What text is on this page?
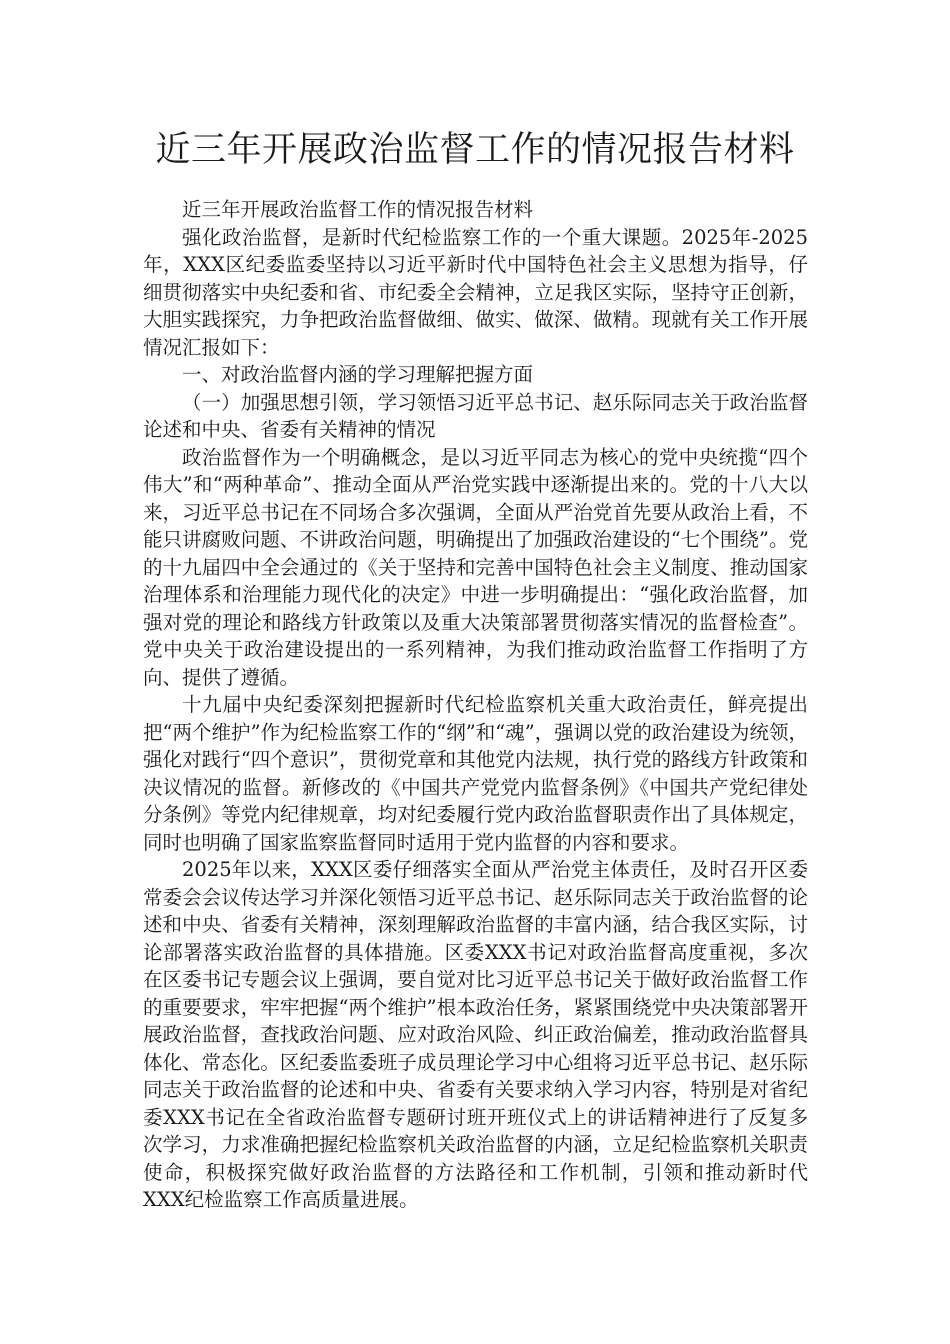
近三年开展政治监督工作的情况报告材料

近三年开展政治监督工作的情况报告材料

强化政治监督，是新时代纪检监察工作的一个重大课题。2025年-2025年，XXX区纪委监委坚持以习近平新时代中国特色社会主义思想为指导，仔细贯彻落实中央纪委和省、市纪委全会精神，立足我区实际，坚持守正创新，大胆实践探究，力争把政治监督做细、做实、做深、做精。现就有关工作开展情况汇报如下：

一、对政治监督内涵的学习理解把握方面

（一）加强思想引领，学习领悟习近平总书记、赵乐际同志关于政治监督论述和中央、省委有关精神的情况

政治监督作为一个明确概念，是以习近平同志为核心的党中央统揽“四个伟大”和“两种革命”、推动全面从严治党实践中逐渐提出来的。党的十八大以来，习近平总书记在不同场合多次强调，全面从严治党首先要从政治上看，不能只讲腐败问题、不讲政治问题，明确提出了加强政治建设的“七个围绕”。党的十九届四中全会通过的《关于坚持和完善中国特色社会主义制度、推动国家治理体系和治理能力现代化的决定》中进一步明确提出：“强化政治监督，加强对党的理论和路线方针政策以及重大决策部署贯彻落实情况的监督检查”。党中央关于政治建设提出的一系列精神，为我们推动政治监督工作指明了方向、提供了遵循。

十九届中央纪委深刻把握新时代纪检监察机关重大政治责任，鲜亮提出把“两个维护”作为纪检监察工作的“纲”和“魂”，强调以党的政治建设为统领，强化对践行“四个意识”，贯彻党章和其他党内法规，执行党的路线方针政策和决议情况的监督。新修改的《中国共产党党内监督条例》《中国共产党纪律处分条例》等党内纪律规章，均对纪委履行党内政治监督职责作出了具体规定，同时也明确了国家监察监督同时适用于党内监督的内容和要求。

2025年以来，XXX区委仔细落实全面从严治党主体责任，及时召开区委常委会会议传达学习并深化领悟习近平总书记、赵乐际同志关于政治监督的论述和中央、省委有关精神，深刻理解政治监督的丰富内涵，结合我区实际，讨论部署落实政治监督的具体措施。区委XXX书记对政治监督高度重视，多次在区委书记专题会议上强调，要自觉对比习近平总书记关于做好政治监督工作的重要要求，牢牢把握“两个维护”根本政治任务，紧紧围绕党中央决策部署开展政治监督，查找政治问题、应对政治风险、纠正政治偏差，推动政治监督具体化、常态化。区纪委监委班子成员理论学习中心组将习近平总书记、赵乐际同志关于政治监督的论述和中央、省委有关要求纳入学习内容，特别是对省纪委XXX书记在全省政治监督专题研讨班开班仪式上的讲话精神进行了反复多次学习，力求准确把握纪检监察机关政治监督的内涵，立足纪检监察机关职责使命，积极探究做好政治监督的方法路径和工作机制，引领和推动新时代XXX纪检监察工作高质量进展。
